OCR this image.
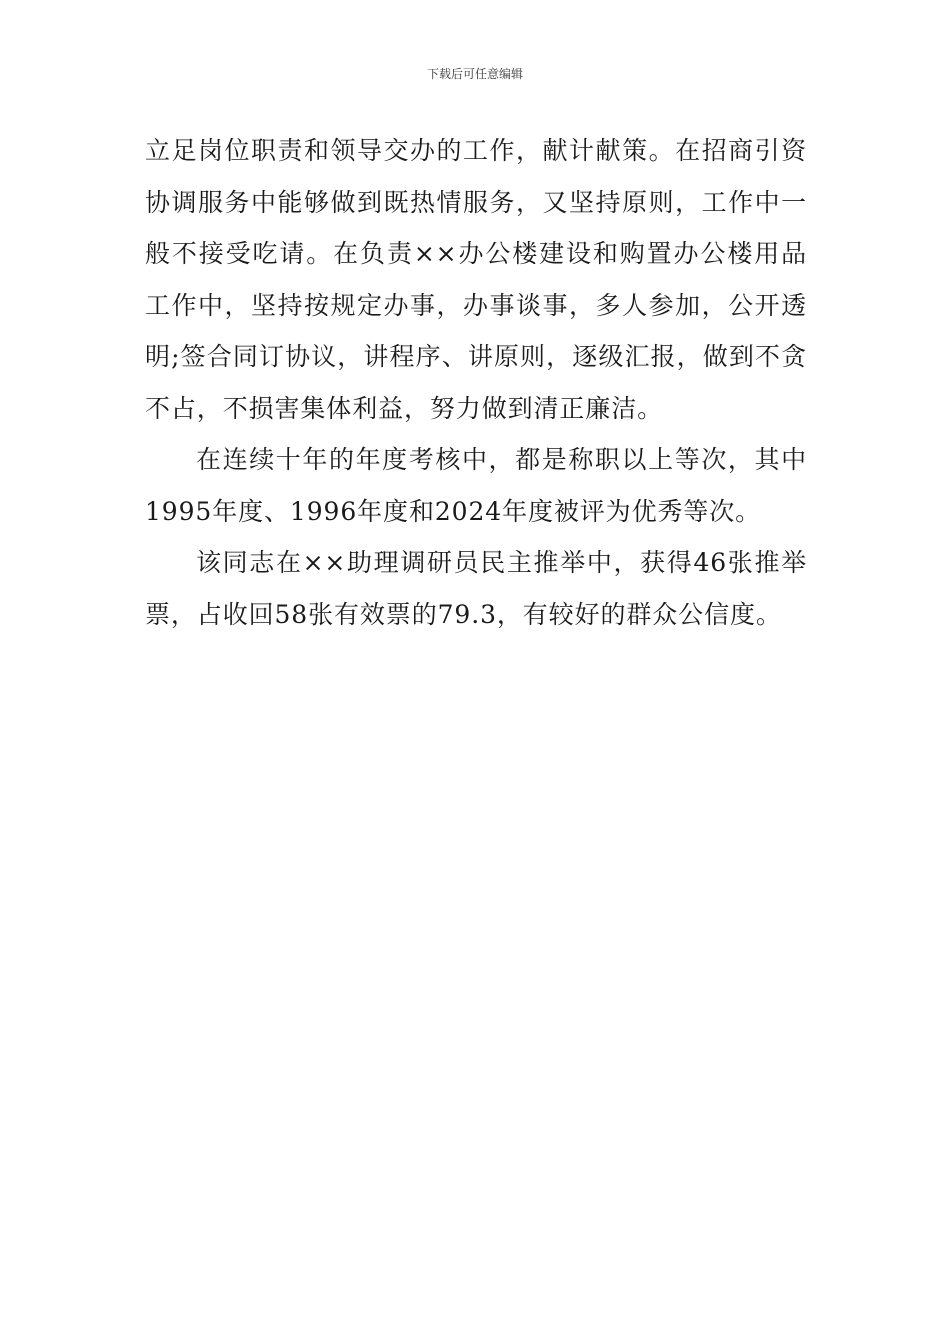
下载后可任意编辑
立足岗位职责和领导交办的工作，献计献策。在招商引资
协调服务中能够做到既热情服务，又坚持原则，工作中一
般不接受吃请。在负责××办公楼建设和购置办公楼用品
工作中，坚持按规定办事，办事谈事，多人参加，公开透
明;签合同订协议，讲程序、讲原则，逐级汇报，做到不贪
不占，不损害集体利益，努力做到清正廉洁。
在连续十年的年度考核中，都是称职以上等次，其中
1995年度、1996年度和2024年度被评为优秀等次。
该同志在××助理调研员民主推举中，获得46张推举
票，占收回58张有效票的79.3，有较好的群众公信度。
